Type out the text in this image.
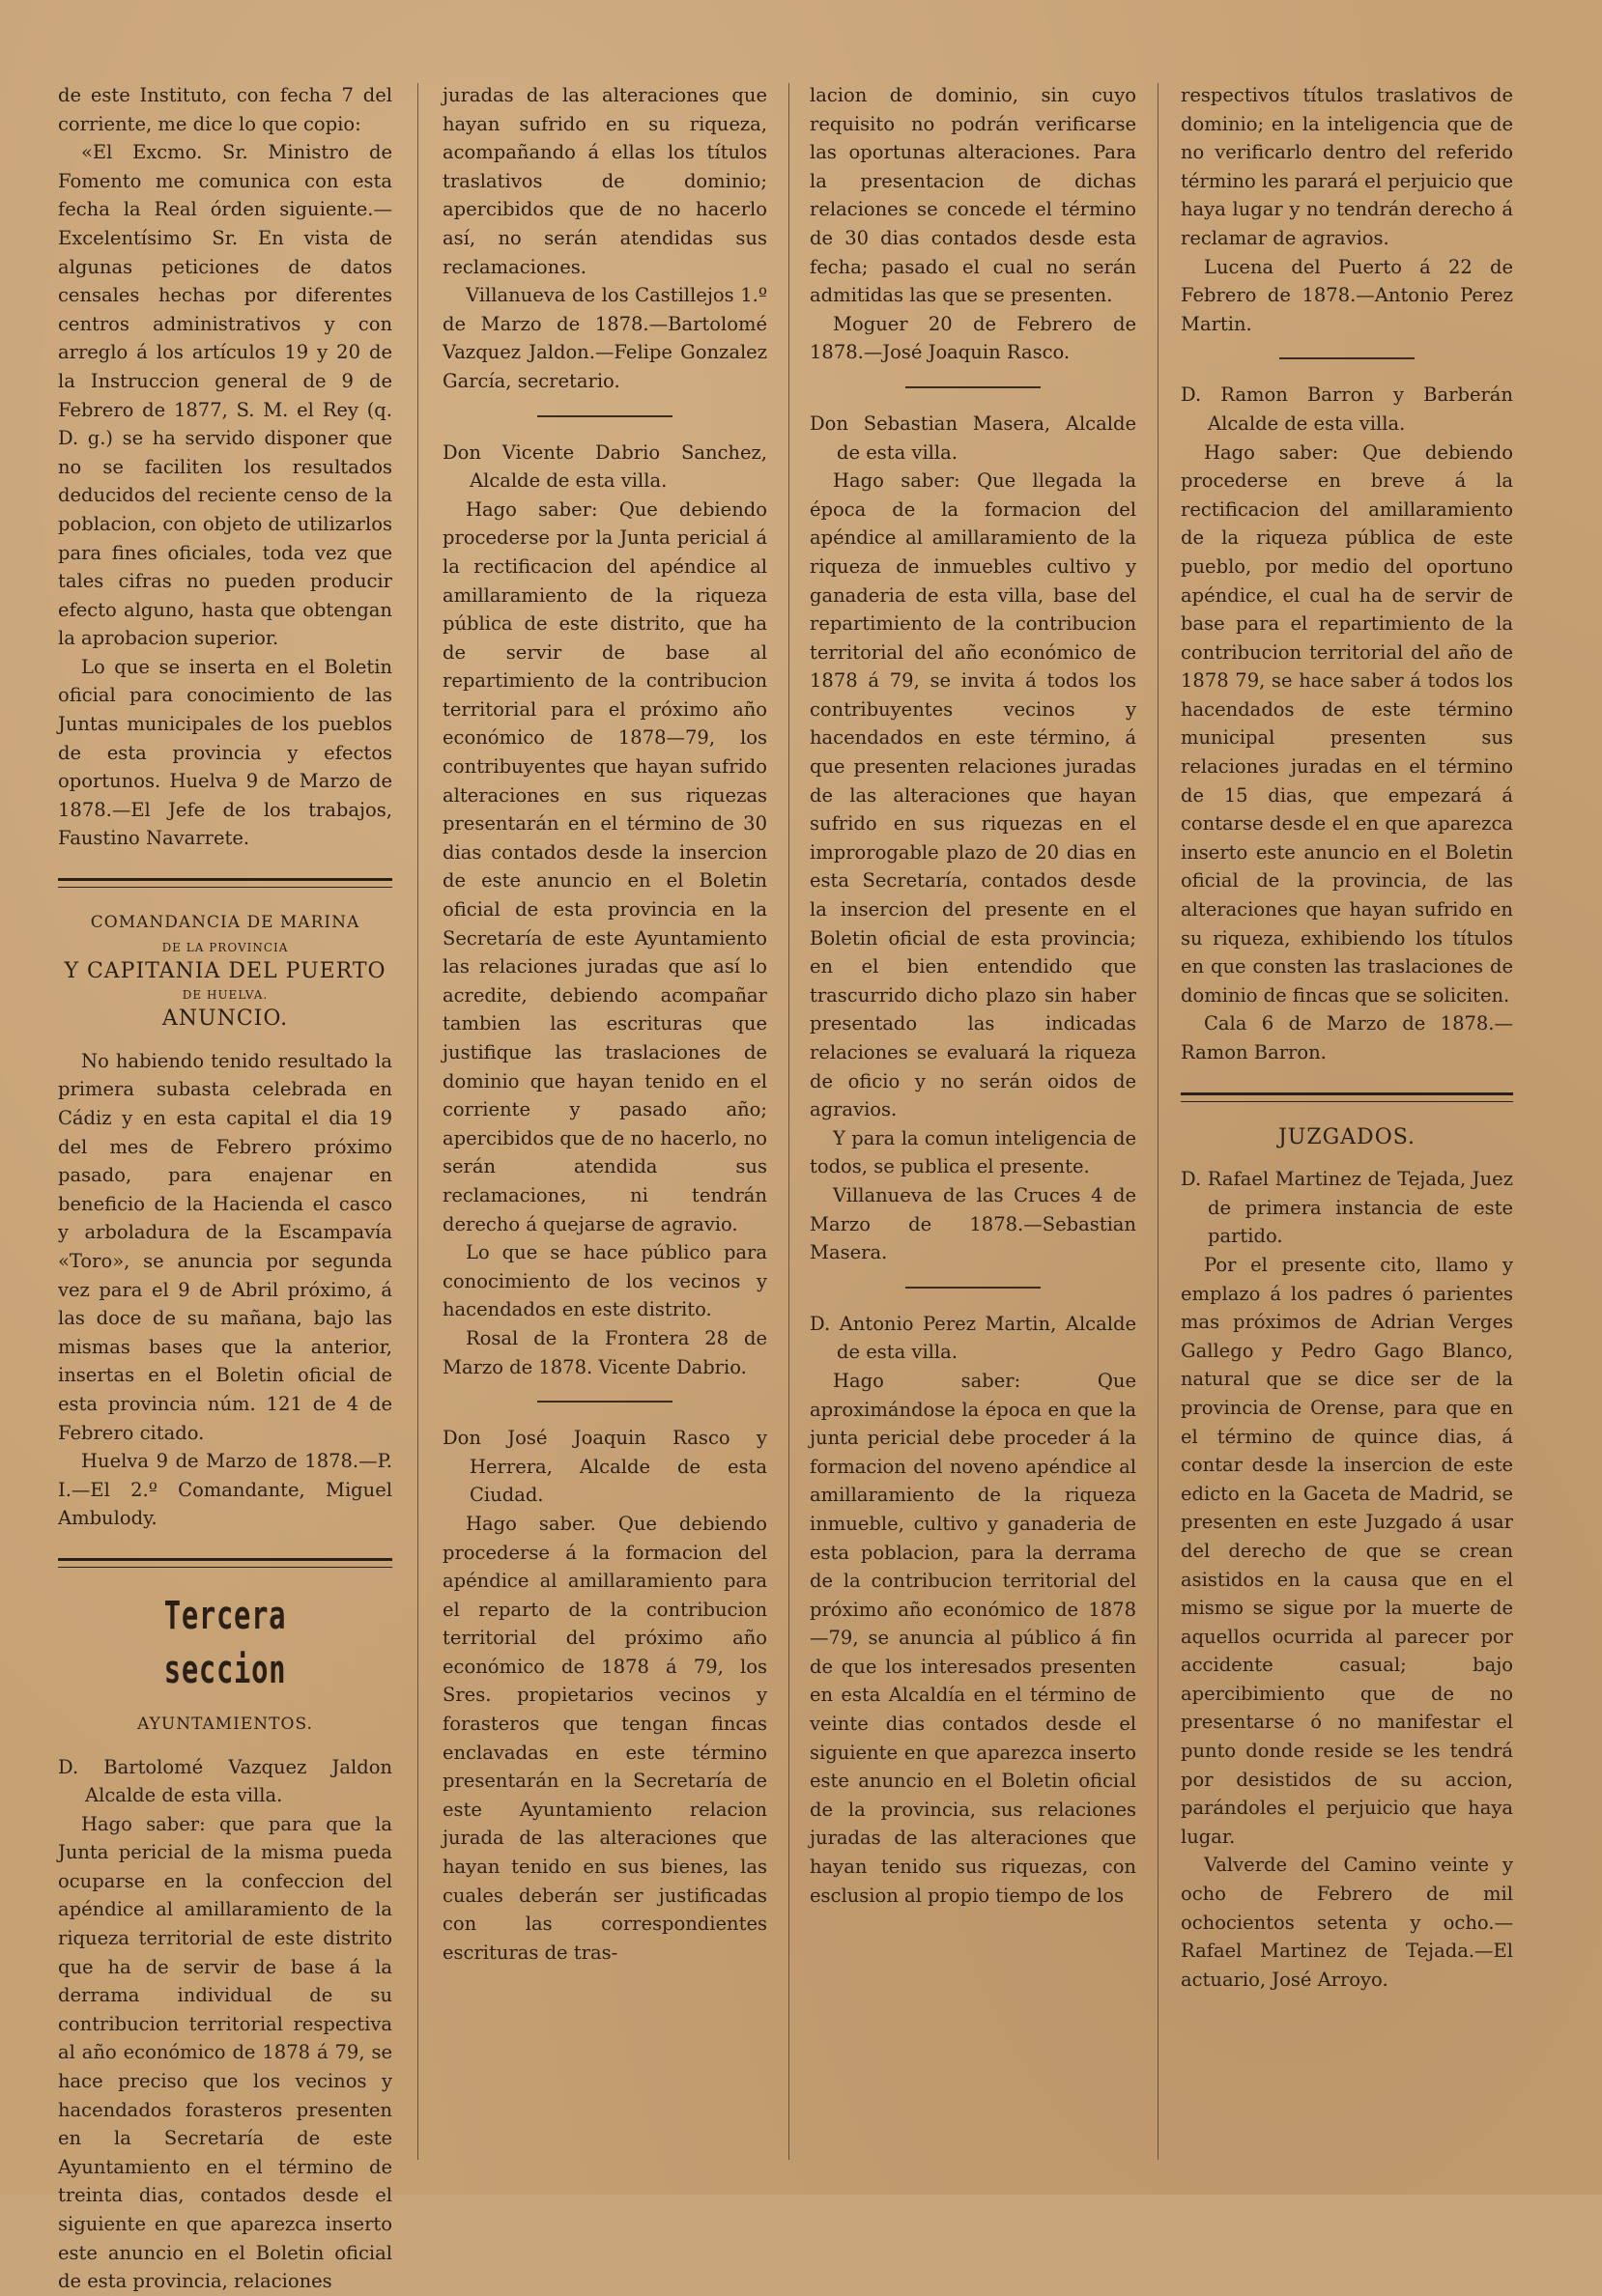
de este Instituto, con fecha 7 del corriente, me dice lo que copio:

«El Excmo. Sr. Ministro de Fomento me comunica con esta fecha la Real órden siguiente.—Excelentísimo Sr. En vista de algunas peticiones de datos censales hechas por diferentes centros administrativos y con arreglo á los artículos 19 y 20 de la Instruccion general de 9 de Febrero de 1877, S. M. el Rey (q. D. g.) se ha servido disponer que no se faciliten los resultados deducidos del reciente censo de la poblacion, con objeto de utilizarlos para fines oficiales, toda vez que tales cifras no pueden producir efecto alguno, hasta que obtengan la aprobacion superior.

Lo que se inserta en el Boletin oficial para conocimiento de las Juntas municipales de los pueblos de esta provincia y efectos oportunos. Huelva 9 de Marzo de 1878.—El Jefe de los trabajos, Faustino Navarrete.

COMANDANCIA DE MARINA

DE LA PROVINCIA

Y CAPITANIA DEL PUERTO

DE HUELVA.

ANUNCIO.

No habiendo tenido resultado la primera subasta celebrada en Cádiz y en esta capital el dia 19 del mes de Febrero próximo pasado, para enajenar en beneficio de la Hacienda el casco y arboladura de la Escampavía «Toro», se anuncia por segunda vez para el 9 de Abril próximo, á las doce de su mañana, bajo las mismas bases que la anterior, insertas en el Boletin oficial de esta provincia núm. 121 de 4 de Febrero citado.

Huelva 9 de Marzo de 1878.—P. I.—El 2.º Comandante, Miguel Ambulody.

Tercera seccion

AYUNTAMIENTOS.

D. Bartolomé Vazquez Jaldon Alcalde de esta villa.

Hago saber: que para que la Junta pericial de la misma pueda ocuparse en la confeccion del apéndice al amillaramiento de la riqueza territorial de este distrito que ha de servir de base á la derrama individual de su contribucion territorial respectiva al año económico de 1878 á 79, se hace preciso que los vecinos y hacendados forasteros presenten en la Secretaría de este Ayuntamiento en el término de treinta dias, contados desde el siguiente en que aparezca inserto este anuncio en el Boletin oficial de esta provincia, relaciones

juradas de las alteraciones que hayan sufrido en su riqueza, acompañando á ellas los títulos traslativos de dominio; apercibidos que de no hacerlo así, no serán atendidas sus reclamaciones.

Villanueva de los Castillejos 1.º de Marzo de 1878.—Bartolomé Vazquez Jaldon.—Felipe Gonzalez García, secretario.

Don Vicente Dabrio Sanchez, Alcalde de esta villa.

Hago saber: Que debiendo procederse por la Junta pericial á la rectificacion del apéndice al amillaramiento de la riqueza pública de este distrito, que ha de servir de base al repartimiento de la contribucion territorial para el próximo año económico de 1878—79, los contribuyentes que hayan sufrido alteraciones en sus riquezas presentarán en el término de 30 dias contados desde la insercion de este anuncio en el Boletin oficial de esta provincia en la Secretaría de este Ayuntamiento las relaciones juradas que así lo acredite, debiendo acompañar tambien las escrituras que justifique las traslaciones de dominio que hayan tenido en el corriente y pasado año; apercibidos que de no hacerlo, no serán atendida sus reclamaciones, ni tendrán derecho á quejarse de agravio.

Lo que se hace público para conocimiento de los vecinos y hacendados en este distrito.

Rosal de la Frontera 28 de Marzo de 1878. Vicente Dabrio.

Don José Joaquin Rasco y Herrera, Alcalde de esta Ciudad.

Hago saber. Que debiendo procederse á la formacion del apéndice al amillaramiento para el reparto de la contribucion territorial del próximo año económico de 1878 á 79, los Sres. propietarios vecinos y forasteros que tengan fincas enclavadas en este término presentarán en la Secretaría de este Ayuntamiento relacion jurada de las alteraciones que hayan tenido en sus bienes, las cuales deberán ser justificadas con las correspondientes escrituras de tras-

lacion de dominio, sin cuyo requisito no podrán verificarse las oportunas alteraciones. Para la presentacion de dichas relaciones se concede el término de 30 dias contados desde esta fecha; pasado el cual no serán admitidas las que se presenten.

Moguer 20 de Febrero de 1878.—José Joaquin Rasco.

Don Sebastian Masera, Alcalde de esta villa.

Hago saber: Que llegada la época de la formacion del apéndice al amillaramiento de la riqueza de inmuebles cultivo y ganaderia de esta villa, base del repartimiento de la contribucion territorial del año económico de 1878 á 79, se invita á todos los contribuyentes vecinos y hacendados en este término, á que presenten relaciones juradas de las alteraciones que hayan sufrido en sus riquezas en el improrogable plazo de 20 dias en esta Secretaría, contados desde la insercion del presente en el Boletin oficial de esta provincia; en el bien entendido que trascurrido dicho plazo sin haber presentado las indicadas relaciones se evaluará la riqueza de oficio y no serán oidos de agravios.

Y para la comun inteligencia de todos, se publica el presente.

Villanueva de las Cruces 4 de Marzo de 1878.—Sebastian Masera.

D. Antonio Perez Martin, Alcalde de esta villa.

Hago saber: Que aproximándose la época en que la junta pericial debe proceder á la formacion del noveno apéndice al amillaramiento de la riqueza inmueble, cultivo y ganaderia de esta poblacion, para la derrama de la contribucion territorial del próximo año económico de 1878—79, se anuncia al público á fin de que los interesados presenten en esta Alcaldía en el término de veinte dias contados desde el siguiente en que aparezca inserto este anuncio en el Boletin oficial de la provincia, sus relaciones juradas de las alteraciones que hayan tenido sus riquezas, con esclusion al propio tiempo de los

respectivos títulos traslativos de dominio; en la inteligencia que de no verificarlo dentro del referido término les parará el perjuicio que haya lugar y no tendrán derecho á reclamar de agravios.

Lucena del Puerto á 22 de Febrero de 1878.—Antonio Perez Martin.

D. Ramon Barron y Barberán Alcalde de esta villa.

Hago saber: Que debiendo procederse en breve á la rectificacion del amillaramiento de la riqueza pública de este pueblo, por medio del oportuno apéndice, el cual ha de servir de base para el repartimiento de la contribucion territorial del año de 1878 79, se hace saber á todos los hacendados de este término municipal presenten sus relaciones juradas en el término de 15 dias, que empezará á contarse desde el en que aparezca inserto este anuncio en el Boletin oficial de la provincia, de las alteraciones que hayan sufrido en su riqueza, exhibiendo los títulos en que consten las traslaciones de dominio de fincas que se soliciten.

Cala 6 de Marzo de 1878.—Ramon Barron.

JUZGADOS.

D. Rafael Martinez de Tejada, Juez de primera instancia de este partido.

Por el presente cito, llamo y emplazo á los padres ó parientes mas próximos de Adrian Verges Gallego y Pedro Gago Blanco, natural que se dice ser de la provincia de Orense, para que en el término de quince dias, á contar desde la insercion de este edicto en la Gaceta de Madrid, se presenten en este Juzgado á usar del derecho de que se crean asistidos en la causa que en el mismo se sigue por la muerte de aquellos ocurrida al parecer por accidente casual; bajo apercibimiento que de no presentarse ó no manifestar el punto donde reside se les tendrá por desistidos de su accion, parándoles el perjuicio que haya lugar.

Valverde del Camino veinte y ocho de Febrero de mil ochocientos setenta y ocho.—Rafael Martinez de Tejada.—El actuario, José Arroyo.
